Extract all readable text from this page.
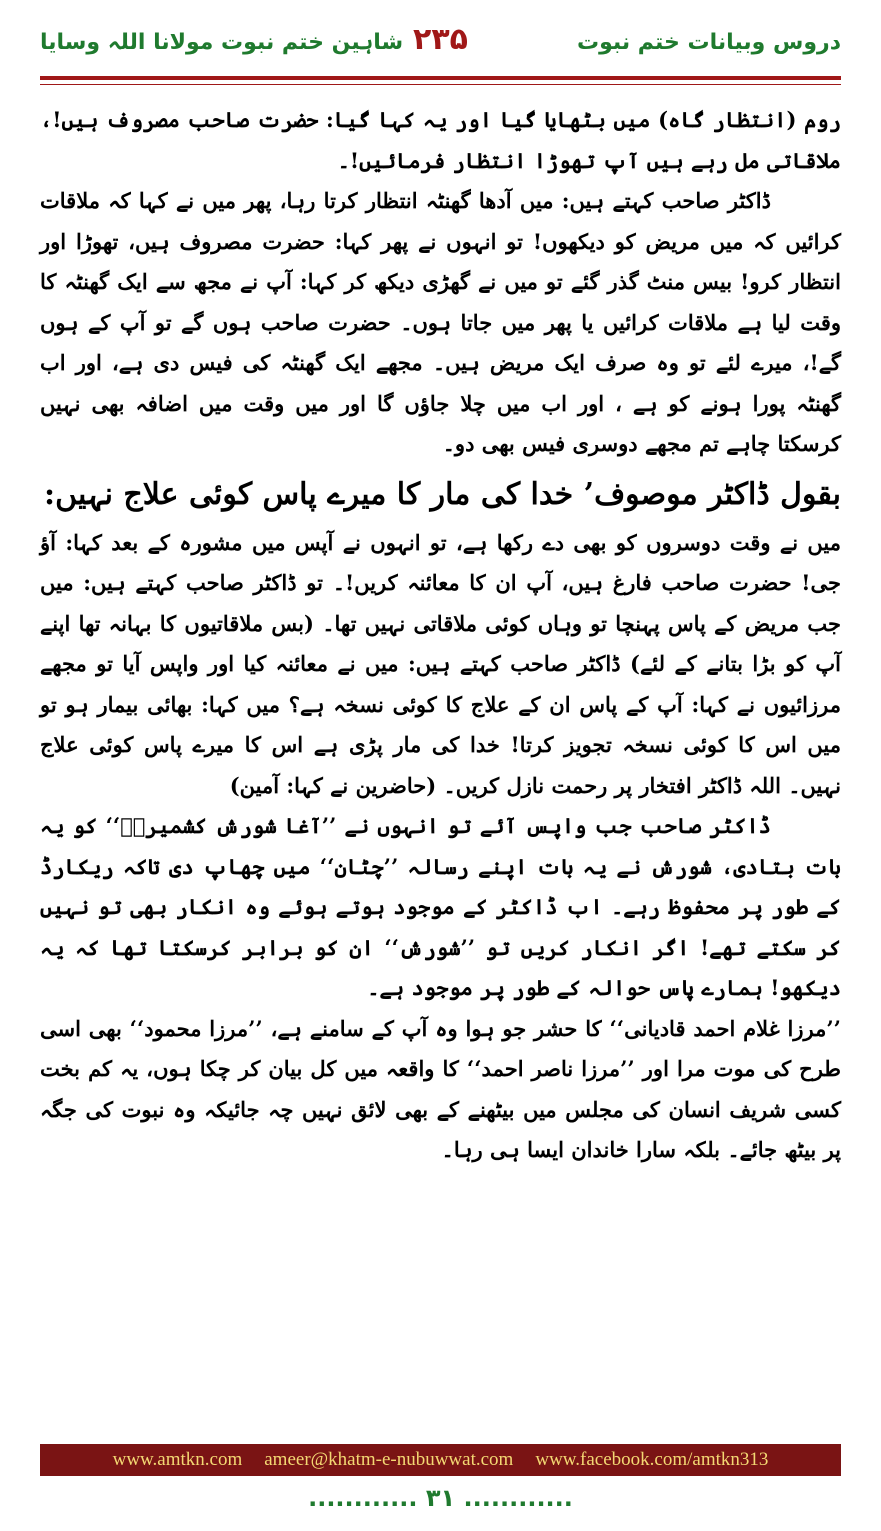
دروس وبیانات ختم نبوت
۲۳۵
شاہین ختم نبوت مولانا اللہ وسایا

روم (انتظار گاہ) میں بٹھایا گیا اور یہ کہا گیا: حضرت صاحب مصروف ہیں!، ملاقاتی مل رہے ہیں آپ تھوڑا انتظار فرمائیں!۔

ڈاکٹر صاحب کہتے ہیں: میں آدھا گھنٹہ انتظار کرتا رہا، پھر میں نے کہا کہ ملاقات کرائیں کہ میں مریض کو دیکھوں! تو انہوں نے پھر کہا: حضرت مصروف ہیں، تھوڑا اور انتظار کرو! بیس منٹ گذر گئے تو میں نے گھڑی دیکھ کر کہا: آپ نے مجھ سے ایک گھنٹہ کا وقت لیا ہے ملاقات کرائیں یا پھر میں جاتا ہوں۔ حضرت صاحب ہوں گے تو آپ کے ہوں گے!، میرے لئے تو وہ صرف ایک مریض ہیں۔ مجھے ایک گھنٹہ کی فیس دی ہے، اور اب گھنٹہ پورا ہونے کو ہے ، اور اب میں چلا جاؤں گا اور میں وقت میں اضافہ بھی نہیں کرسکتا چاہے تم مجھے دوسری فیس بھی دو۔

بقول ڈاکٹر موصوف’ خدا کی مار کا میرے پاس کوئی علاج نہیں:

میں نے وقت دوسروں کو بھی دے رکھا ہے، تو انہوں نے آپس میں مشورہ کے بعد کہا: آؤ جی! حضرت صاحب فارغ ہیں، آپ ان کا معائنہ کریں!۔ تو ڈاکٹر صاحب کہتے ہیں: میں جب مریض کے پاس پہنچا تو وہاں کوئی ملاقاتی نہیں تھا۔ (بس ملاقاتیوں کا بہانہ تھا اپنے آپ کو بڑا بتانے کے لئے) ڈاکٹر صاحب کہتے ہیں: میں نے معائنہ کیا اور واپس آیا تو مجھے مرزائیوں نے کہا: آپ کے پاس ان کے علاج کا کوئی نسخہ ہے؟ میں کہا: بھائی بیمار ہو تو میں اس کا کوئی نسخہ تجویز کرتا! خدا کی مار پڑی ہے اس کا میرے پاس کوئی علاج نہیں۔ اللہ ڈاکٹر افتخار پر رحمت نازل کریں۔ (حاضرین نے کہا: آمین)

ڈاکٹر صاحب جب واپس آئے تو انہوں نے ’’آغا شورش کشمیریؒ‘‘ کو یہ بات بتادی، شورش نے یہ بات اپنے رسالہ ’’چٹان‘‘ میں چھاپ دی تاکہ ریکارڈ کے طور پر محفوظ رہے۔ اب ڈاکٹر کے موجود ہوتے ہوئے وہ انکار بھی تو نہیں کر سکتے تھے! اگر انکار کریں تو ’’شورش‘‘ ان کو برابر کرسکتا تھا کہ یہ دیکھو! ہمارے پاس حوالہ کے طور پر موجود ہے۔

’’مرزا غلام احمد قادیانی‘‘ کا حشر جو ہوا وہ آپ کے سامنے ہے، ’’مرزا محمود‘‘ بھی اسی طرح کی موت مرا اور ’’مرزا ناصر احمد‘‘ کا واقعہ میں کل بیان کر چکا ہوں، یہ کم بخت کسی شریف انسان کی مجلس میں بیٹھنے کے بھی لائق نہیں چہ جائیکہ وہ نبوت کی جگہ پر بیٹھ جائے۔ بلکہ سارا خاندان ایسا ہی رہا۔

www.amtkn.com ameer@khatm-e-nubuwwat.com www.facebook.com/amtkn313
............ ۳۱ ............
